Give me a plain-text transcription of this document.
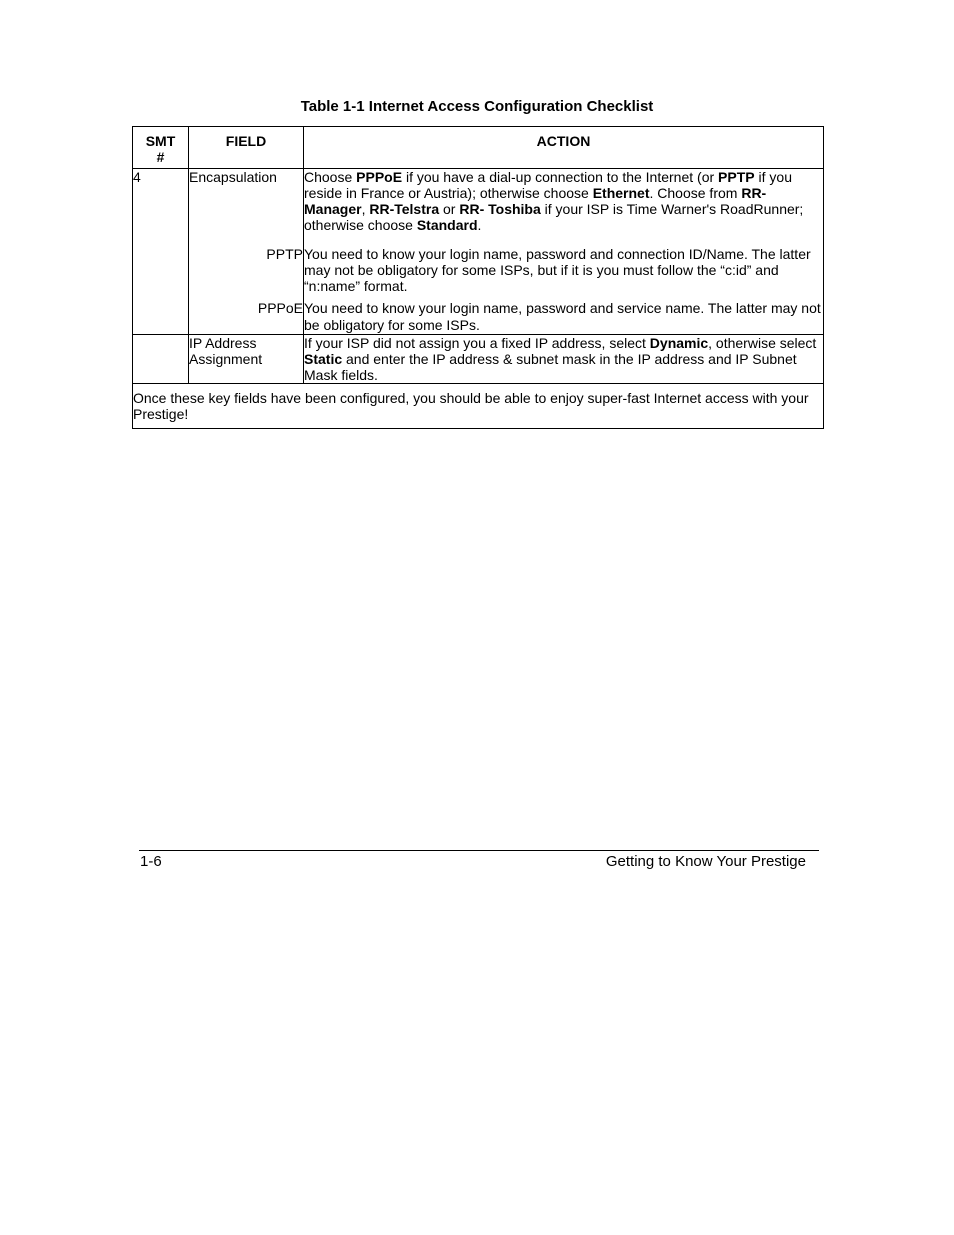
Table 1-1 Internet Access Configuration Checklist
SMT #	FIELD	ACTION
4	Encapsulation	Choose PPPoE if you have a dial-up connection to the Internet (or PPTP if you reside in France or Austria); otherwise choose Ethernet. Choose from RR-Manager, RR-Telstra or RR- Toshiba if your ISP is Time Warner's RoadRunner; otherwise choose Standard.
	PPTP	You need to know your login name, password and connection ID/Name. The latter may not be obligatory for some ISPs, but if it is you must follow the “c:id” and “n:name” format.
	PPPoE	You need to know your login name, password and service name. The latter may not be obligatory for some ISPs.
	IP Address Assignment	If your ISP did not assign you a fixed IP address, select Dynamic, otherwise select Static and enter the IP address & subnet mask in the IP address and IP Subnet Mask fields.
Once these key fields have been configured, you should be able to enjoy super-fast Internet access with your Prestige!		
1-6	Getting to Know Your Prestige
